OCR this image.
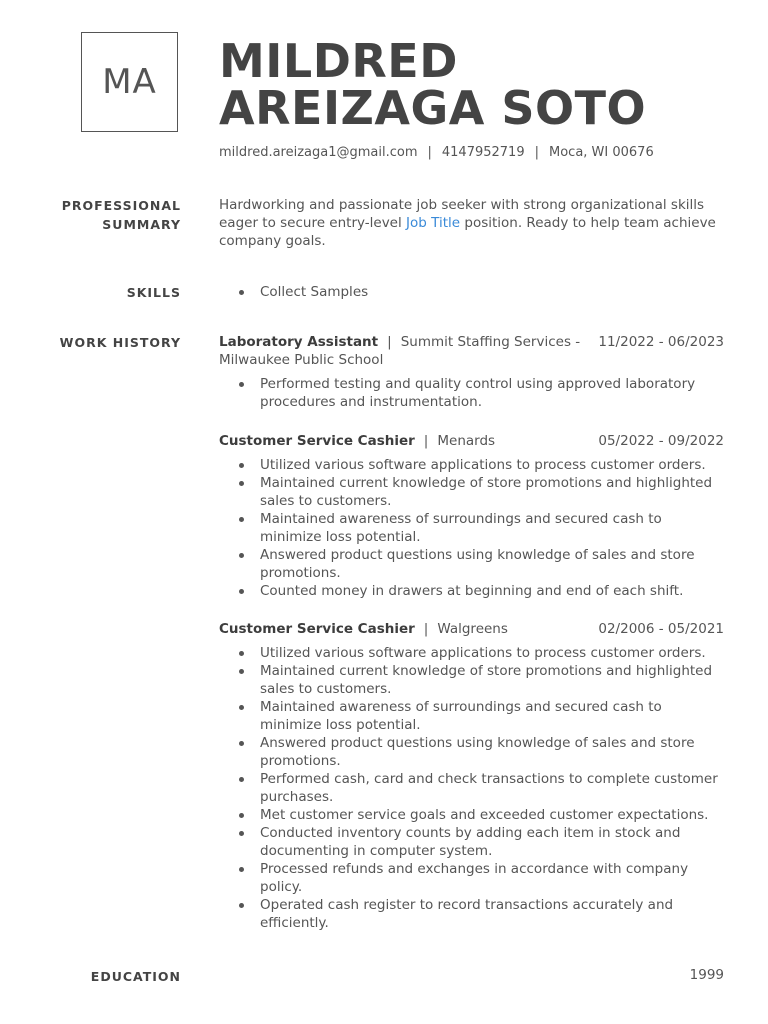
MA MILDRED
AREIZAGA SOTO
mildred.areizaga1@gmail.com | 4147952719 | Moca, WI 00676
PROFESSIONAL
SUMMARY
Hardworking and passionate job seeker with strong organizational skills eager to secure entry-level Job Title position. Ready to help team achieve company goals.
SKILLS	Collect Samples
WORK HISTORY	Laboratory Assistant | Summit Staffing Services - 11/2022 - 06/2023
Milwaukee Public School
Performed testing and quality control using approved laboratory procedures and instrumentation.
Customer Service Cashier | Menards	05/2022 - 09/2022
Utilized various software applications to process customer orders.
Maintained current knowledge of store promotions and highlighted sales to customers.
Maintained awareness of surroundings and secured cash to minimize loss potential.
Answered product questions using knowledge of sales and store promotions.
Counted money in drawers at beginning and end of each shift.
Customer Service Cashier | Walgreens	02/2006 - 05/2021
Utilized various software applications to process customer orders.
Maintained current knowledge of store promotions and highlighted sales to customers.
Maintained awareness of surroundings and secured cash to minimize loss potential.
Answered product questions using knowledge of sales and store promotions.
Performed cash, card and check transactions to complete customer purchases.
Met customer service goals and exceeded customer expectations.
Conducted inventory counts by adding each item in stock and documenting in computer system.
Processed refunds and exchanges in accordance with company policy.
Operated cash register to record transactions accurately and efficiently.
EDUCATION	1999
